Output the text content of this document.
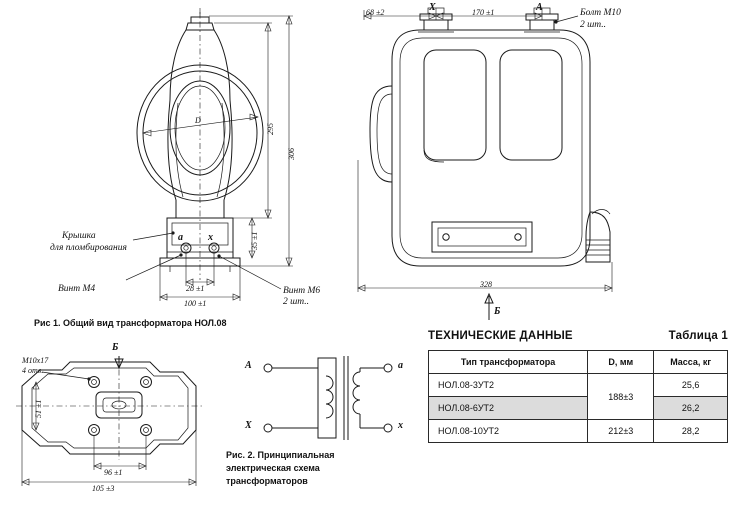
D
295
306
35 ±1
28 ±1
100 ±1
а	x
Крышка
для пломбирования
Винт М4	Винт М6
2 шт..
Рис 1. Общий вид трансформатора НОЛ.08
68 ±2	170 ±1
328
Х	А
Б
Болт М10
2 шт..
Б
М10х17
4 отв.
51 ±1
96 ±1
105 ±3
А
Х
а
x
Рис. 2. Принципиальная
электрическая схема
трансформаторов
ТЕХНИЧЕСКИЕ ДАННЫЕ	Таблица 1
Тип трансформатора	D, мм	Масса, кг
НОЛ.08-3УТ2	188±3	25,6
НОЛ.08-6УТ2		26,2
НОЛ.08-10УТ2	212±3	28,2
